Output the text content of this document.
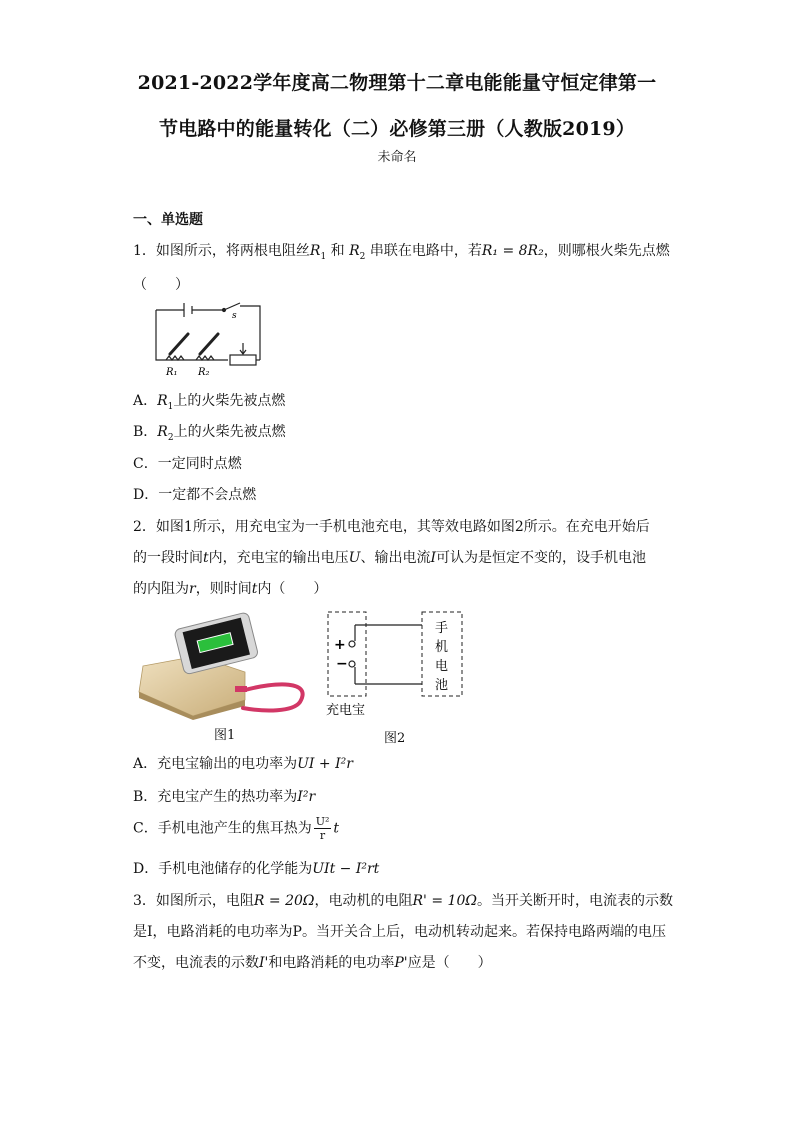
2021-2022学年度高二物理第十二章电能能量守恒定律第一
节电路中的能量转化（二）必修第三册（人教版2019）
未命名
一、单选题
1．如图所示，将两根电阻丝$R_1$ 和 $R_2$ 串联在电路中，若R₁ = 8R₂，则哪根火柴先点燃
（　　）
s
R₁ R₂
A．$R_1$上的火柴先被点燃
B．$R_2$上的火柴先被点燃
C．一定同时点燃
D．一定都不会点燃
2．如图1所示，用充电宝为一手机电池充电，其等效电路如图2所示。在充电开始后
的一段时间t内，充电宝的输出电压U、输出电流I可认为是恒定不变的，设手机电池
的内阻为r，则时间t内（　　）
图1
+
−
手
机
电
池
充电宝
图2
A．充电宝输出的电功率为UI + I²r
B．充电宝产生的热功率为I²r
C．手机电池产生的焦耳热为 $\frac{\text{U²}}{r}$ t
D．手机电池储存的化学能为UIt − I²rt
3．如图所示，电阻R = 20Ω，电动机的电阻R' = 10Ω。当开关断开时，电流表的示数
是I，电路消耗的电功率为P。当开关合上后，电动机转动起来。若保持电路两端的电压
不变，电流表的示数I'和电路消耗的电功率P'应是（　　）
